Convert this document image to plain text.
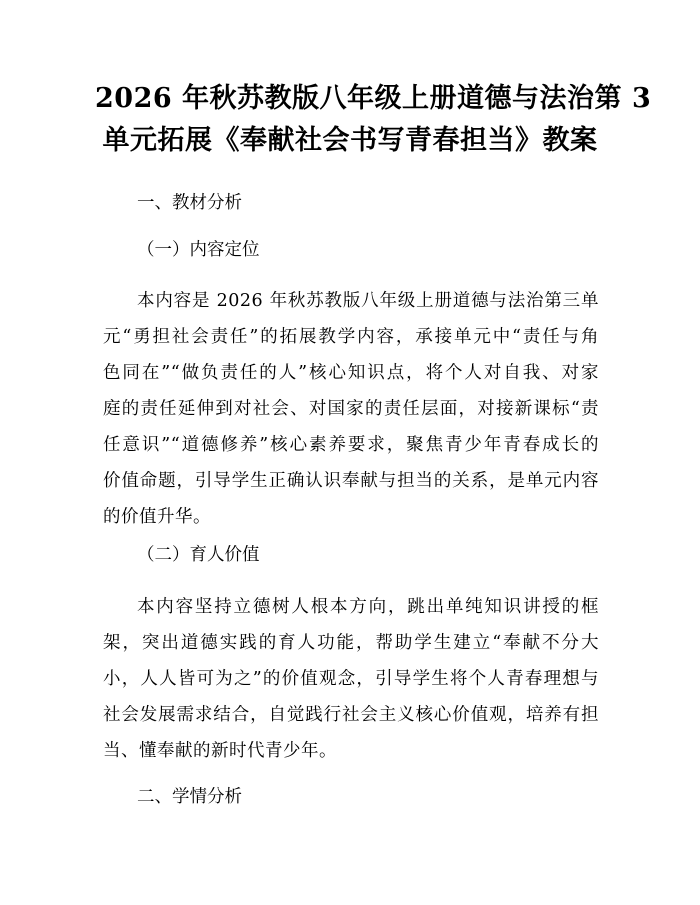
2026 年秋苏教版八年级上册道德与法治第 3
单元拓展《奉献社会书写青春担当》教案

一、教材分析

（一）内容定位

本内容是 2026 年秋苏教版八年级上册道德与法治第三单
元“勇担社会责任”的拓展教学内容，承接单元中“责任与角
色同在”“做负责任的人”核心知识点，将个人对自我、对家
庭的责任延伸到对社会、对国家的责任层面，对接新课标“责
任意识”“道德修养”核心素养要求，聚焦青少年青春成长的
价值命题，引导学生正确认识奉献与担当的关系，是单元内容
的价值升华。

（二）育人价值

本内容坚持立德树人根本方向，跳出单纯知识讲授的框
架，突出道德实践的育人功能，帮助学生建立“奉献不分大
小，人人皆可为之”的价值观念，引导学生将个人青春理想与
社会发展需求结合，自觉践行社会主义核心价值观，培养有担
当、懂奉献的新时代青少年。

二、学情分析
